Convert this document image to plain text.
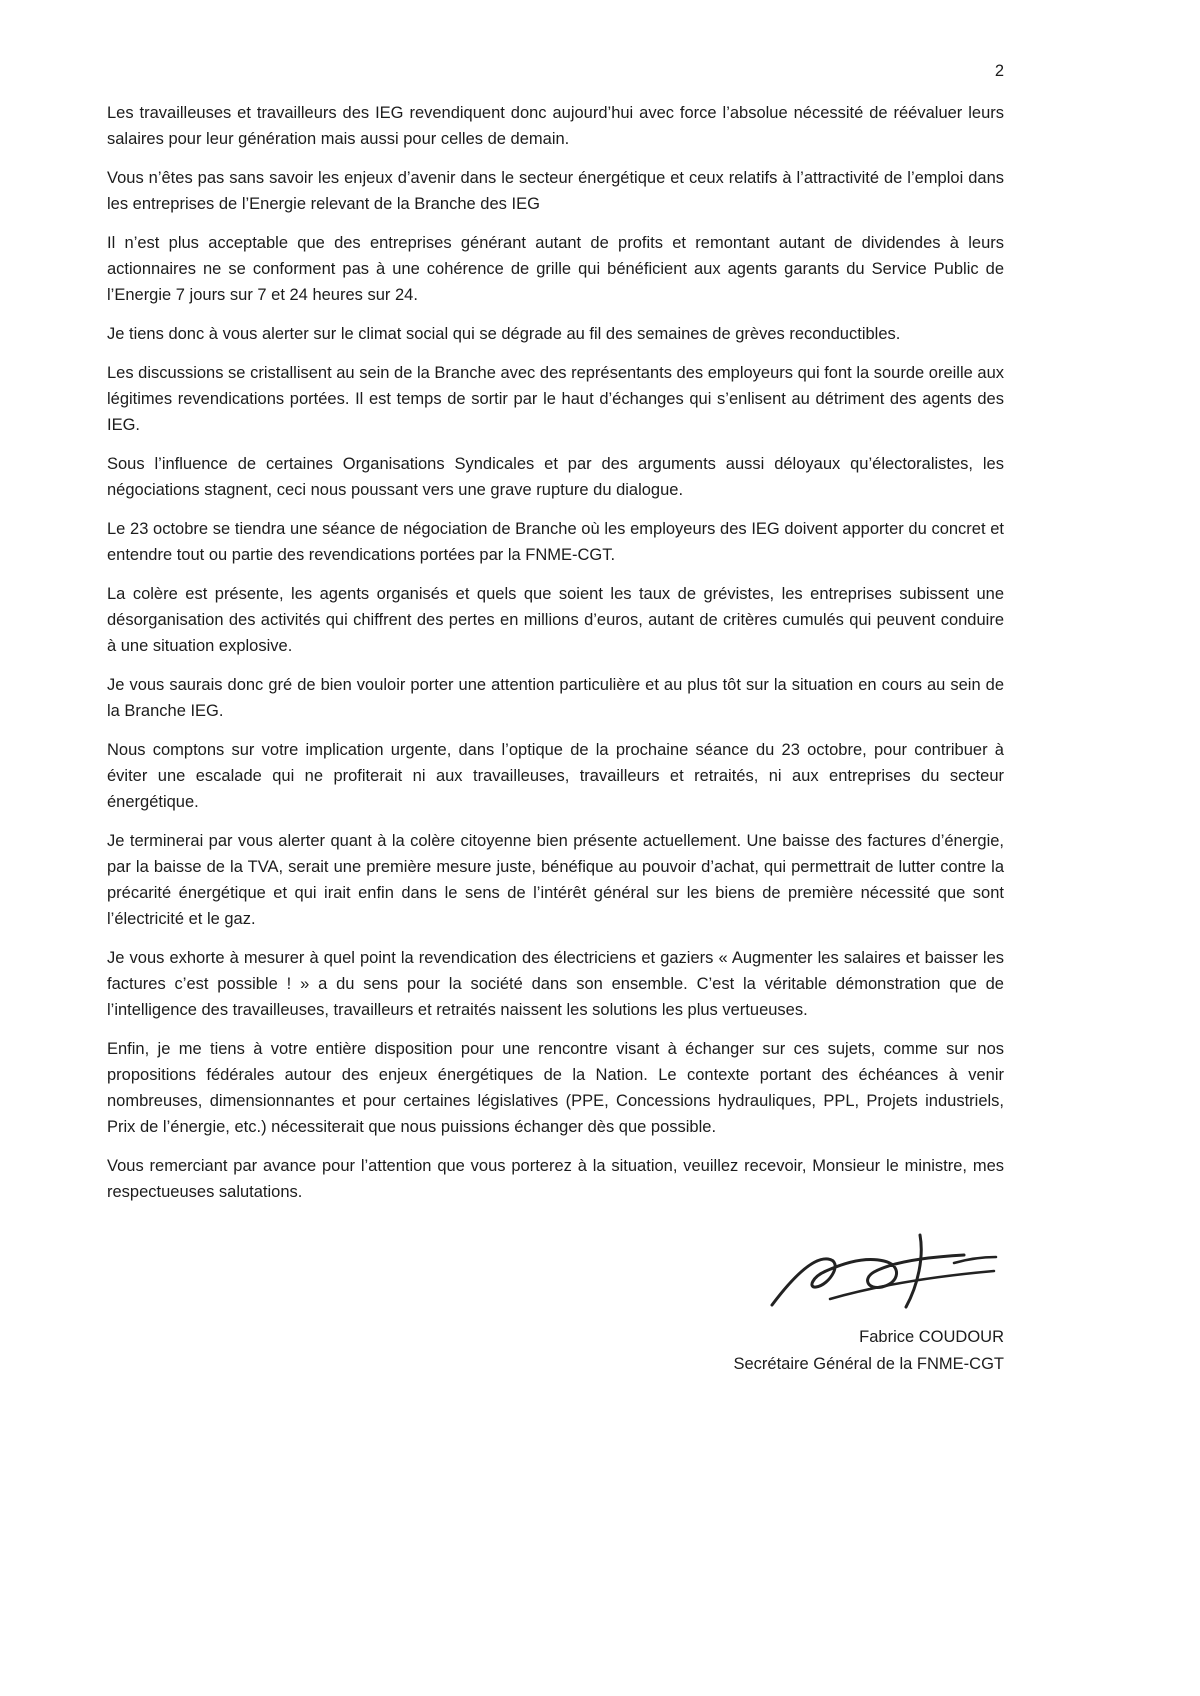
2

Les travailleuses et travailleurs des IEG revendiquent donc aujourd’hui avec force l’absolue nécessité de réévaluer leurs salaires pour leur génération mais aussi pour celles de demain.

Vous n’êtes pas sans savoir les enjeux d’avenir dans le secteur énergétique et ceux relatifs à l’attractivité de l’emploi dans les entreprises de l’Energie relevant de la Branche des IEG

Il n’est plus acceptable que des entreprises générant autant de profits et remontant autant de dividendes à leurs actionnaires ne se conforment pas à une cohérence de grille qui bénéficient aux agents garants du Service Public de l’Energie 7 jours sur 7 et 24 heures sur 24.

Je tiens donc à vous alerter sur le climat social qui se dégrade au fil des semaines de grèves reconductibles.

Les discussions se cristallisent au sein de la Branche avec des représentants des employeurs qui font la sourde oreille aux légitimes revendications portées. Il est temps de sortir par le haut d’échanges qui s’enlisent au détriment des agents des IEG.

Sous l’influence de certaines Organisations Syndicales et par des arguments aussi déloyaux qu’électoralistes, les négociations stagnent, ceci nous poussant vers une grave rupture du dialogue.

Le 23 octobre se tiendra une séance de négociation de Branche où les employeurs des IEG doivent apporter du concret et entendre tout ou partie des revendications portées par la FNME-CGT.

La colère est présente, les agents organisés et quels que soient les taux de grévistes, les entreprises subissent une désorganisation des activités qui chiffrent des pertes en millions d’euros, autant de critères cumulés qui peuvent conduire à une situation explosive.

Je vous saurais donc gré de bien vouloir porter une attention particulière et au plus tôt sur la situation en cours au sein de la Branche IEG.

Nous comptons sur votre implication urgente, dans l’optique de la prochaine séance du 23 octobre, pour contribuer à éviter une escalade qui ne profiterait ni aux travailleuses, travailleurs et retraités, ni aux entreprises du secteur énergétique.

Je terminerai par vous alerter quant à la colère citoyenne bien présente actuellement. Une baisse des factures d’énergie, par la baisse de la TVA, serait une première mesure juste, bénéfique au pouvoir d’achat, qui permettrait de lutter contre la précarité énergétique et qui irait enfin dans le sens de l’intérêt général sur les biens de première nécessité que sont l’électricité et le gaz.

Je vous exhorte à mesurer à quel point la revendication des électriciens et gaziers « Augmenter les salaires et baisser les factures c’est possible ! » a du sens pour la société dans son ensemble. C’est la véritable démonstration que de l’intelligence des travailleuses, travailleurs et retraités naissent les solutions les plus vertueuses.

Enfin, je me tiens à votre entière disposition pour une rencontre visant à échanger sur ces sujets, comme sur nos propositions fédérales autour des enjeux énergétiques de la Nation. Le contexte portant des échéances à venir nombreuses, dimensionnantes et pour certaines législatives (PPE, Concessions hydrauliques, PPL, Projets industriels, Prix de l’énergie, etc.) nécessiterait que nous puissions échanger dès que possible.

Vous remerciant par avance pour l’attention que vous porterez à la situation, veuillez recevoir, Monsieur le ministre, mes respectueuses salutations.

Fabrice COUDOUR
Secrétaire Général de la FNME-CGT
